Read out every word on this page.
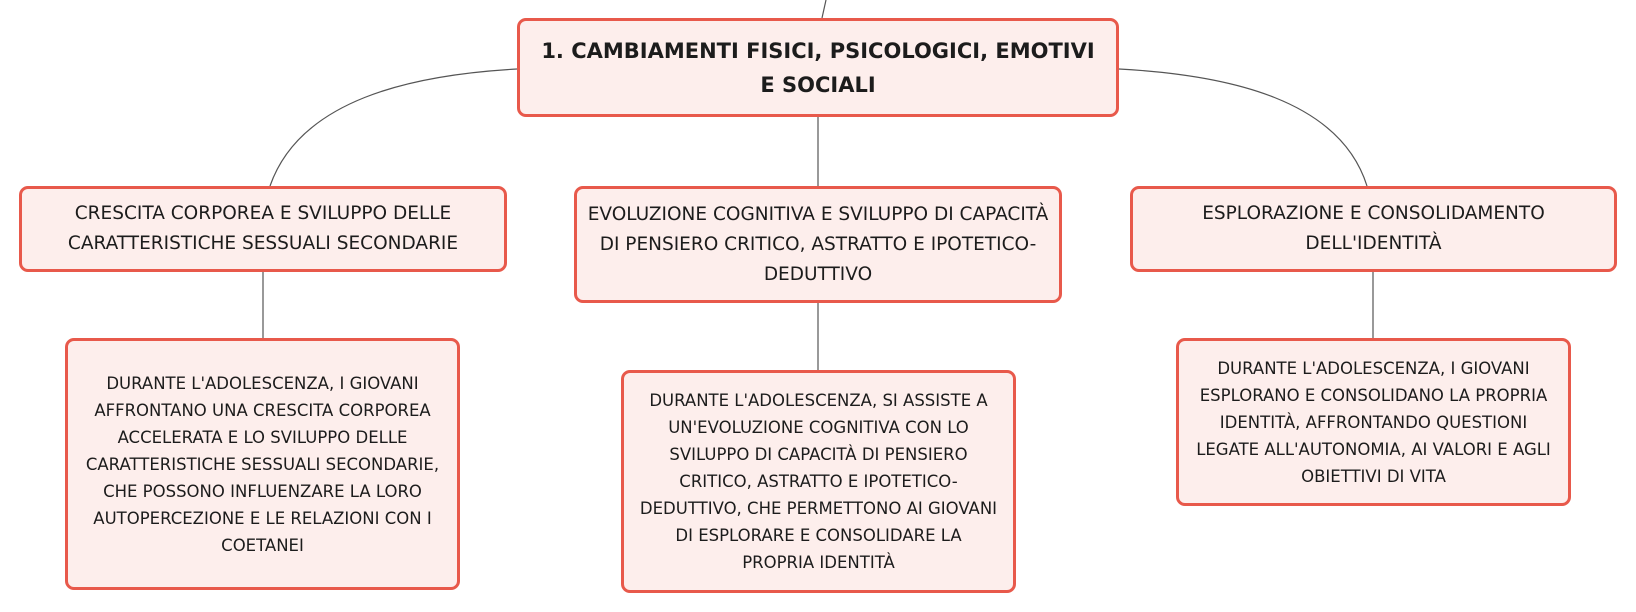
1. CAMBIAMENTI FISICI, PSICOLOGICI, EMOTIVI E SOCIALI
CRESCITA CORPOREA E SVILUPPO DELLE CARATTERISTICHE SESSUALI SECONDARIE
EVOLUZIONE COGNITIVA E SVILUPPO DI CAPACITÀ DI PENSIERO CRITICO, ASTRATTO E IPOTETICO-DEDUTTIVO
ESPLORAZIONE E CONSOLIDAMENTO DELL'IDENTITÀ
DURANTE L'ADOLESCENZA, I GIOVANI AFFRONTANO UNA CRESCITA CORPOREA ACCELERATA E LO SVILUPPO DELLE CARATTERISTICHE SESSUALI SECONDARIE, CHE POSSONO INFLUENZARE LA LORO AUTOPERCEZIONE E LE RELAZIONI CON I COETANEI
DURANTE L'ADOLESCENZA, SI ASSISTE A UN'EVOLUZIONE COGNITIVA CON LO SVILUPPO DI CAPACITÀ DI PENSIERO CRITICO, ASTRATTO E IPOTETICO-DEDUTTIVO, CHE PERMETTONO AI GIOVANI DI ESPLORARE E CONSOLIDARE LA PROPRIA IDENTITÀ
DURANTE L'ADOLESCENZA, I GIOVANI ESPLORANO E CONSOLIDANO LA PROPRIA IDENTITÀ, AFFRONTANDO QUESTIONI LEGATE ALL'AUTONOMIA, AI VALORI E AGLI OBIETTIVI DI VITA
